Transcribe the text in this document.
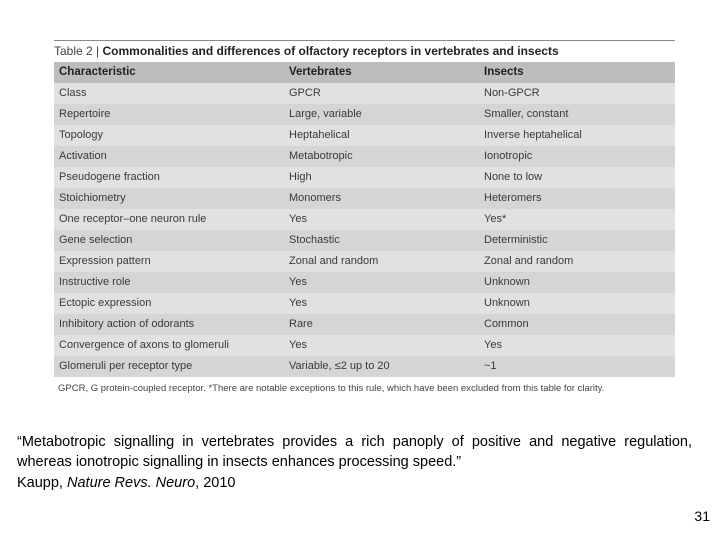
Table 2 | Commonalities and differences of olfactory receptors in vertebrates and insects
Characteristic	Vertebrates	Insects
Class	GPCR	Non-GPCR
Repertoire	Large, variable	Smaller, constant
Topology	Heptahelical	Inverse heptahelical
Activation	Metabotropic	Ionotropic
Pseudogene fraction	High	None to low
Stoichiometry	Monomers	Heteromers
One receptor–one neuron rule	Yes	Yes*
Gene selection	Stochastic	Deterministic
Expression pattern	Zonal and random	Zonal and random
Instructive role	Yes	Unknown
Ectopic expression	Yes	Unknown
Inhibitory action of odorants	Rare	Common
Convergence of axons to glomeruli	Yes	Yes
Glomeruli per receptor type	Variable, ≤2 up to 20	~1
GPCR, G protein-coupled receptor. *There are notable exceptions to this rule, which have been excluded from this table for clarity.
“Metabotropic signalling in vertebrates provides a rich panoply of positive and negative regulation, whereas ionotropic signalling in insects enhances processing speed.”
Kaupp, Nature Revs. Neuro, 2010
31
